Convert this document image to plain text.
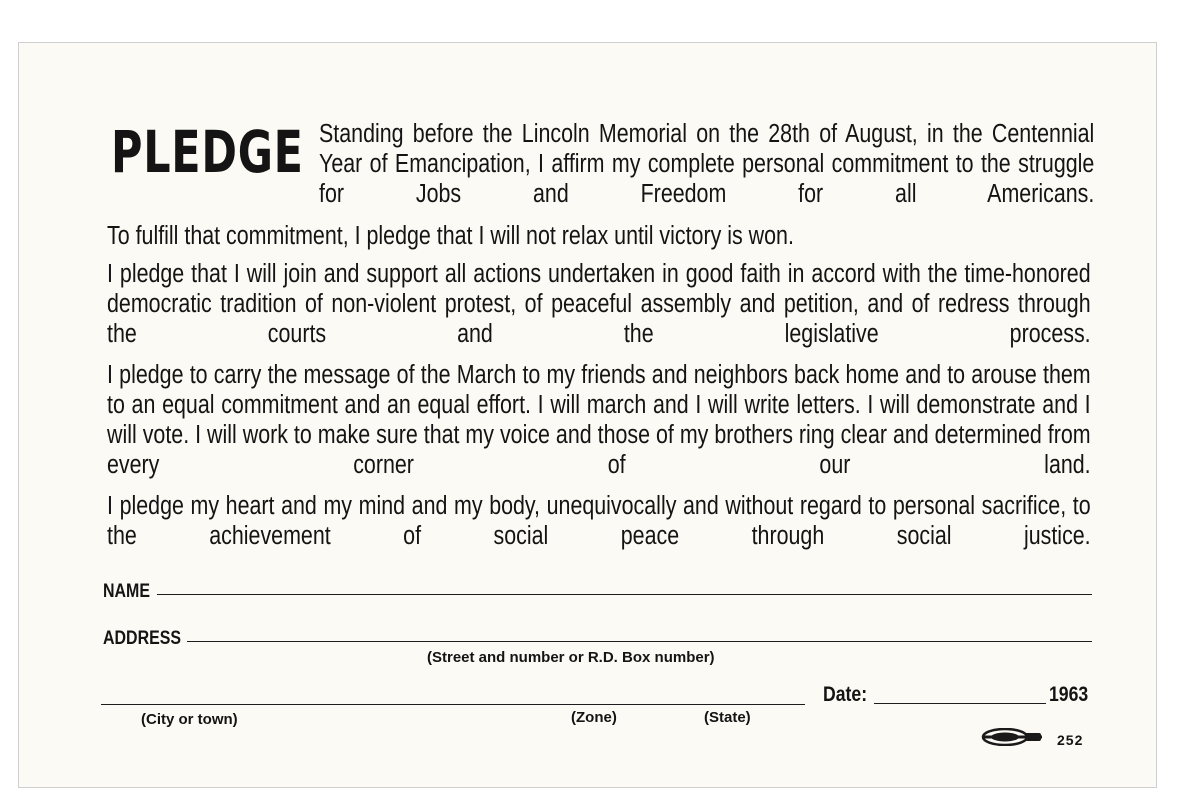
PLEDGE Standing before the Lincoln Memorial on the 28th of August, in the Centennial Year of Emancipation, I affirm my complete personal commitment to the struggle for Jobs and Freedom for all Americans.

To fulfill that commitment, I pledge that I will not relax until victory is won.

I pledge that I will join and support all actions undertaken in good faith in accord with the time-honored democratic tradition of non-violent protest, of peaceful assembly and petition, and of redress through the courts and the legislative process.

I pledge to carry the message of the March to my friends and neighbors back home and to arouse them to an equal commitment and an equal effort. I will march and I will write letters. I will demonstrate and I will vote. I will work to make sure that my voice and those of my brothers ring clear and determined from every corner of our land.

I pledge my heart and my mind and my body, unequivocally and without regard to personal sacrifice, to the achievement of social peace through social justice.

NAME
ADDRESS
(Street and number or R.D. Box number)
(City or town)	(Zone)	(State)
Date:	1963
252
